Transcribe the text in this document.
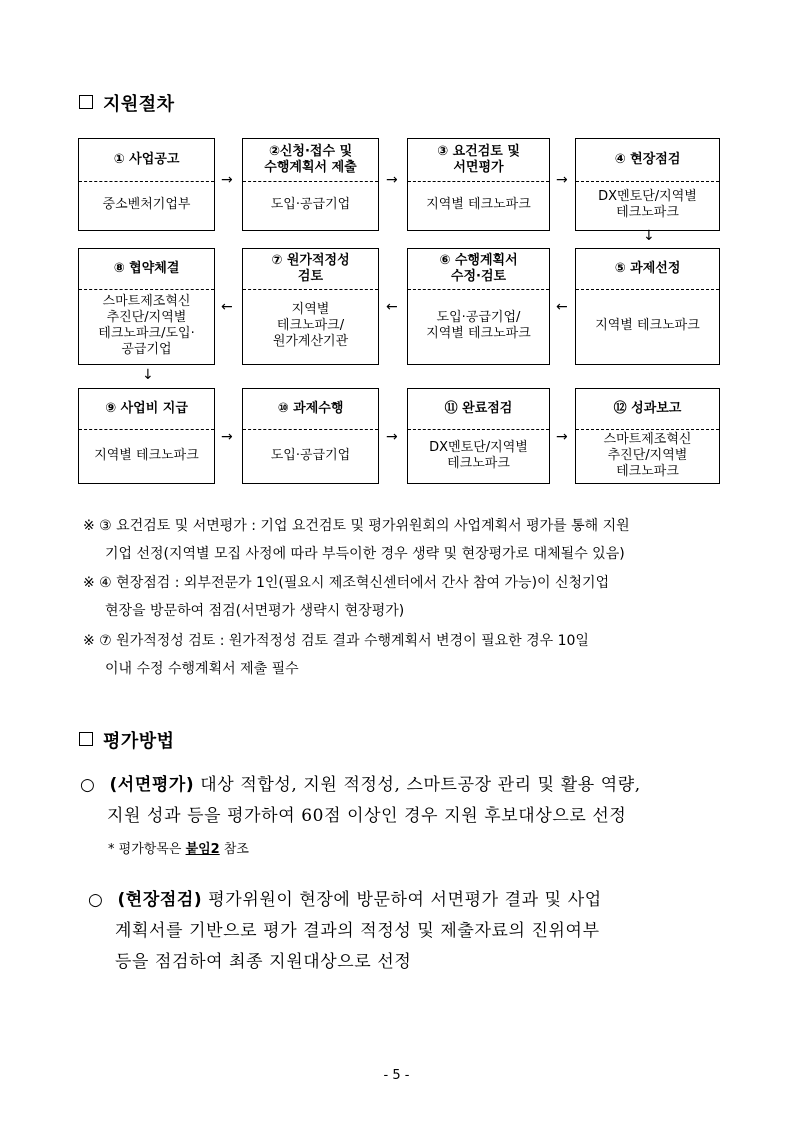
지원절차
① 사업공고
중소벤처기업부
→
②신청·접수 및
수행계획서 제출
도입·공급기업
→
③ 요건검토 및
서면평가
지역별 테크노파크
→
④ 현장점검
DX멘토단/지역별
테크노파크
↓
⑧ 협약체결
스마트제조혁신
추진단/지역별
테크노파크/도입·
공급기업
←
⑦ 원가적정성
검토
지역별
테크노파크/
원가계산기관
←
⑥ 수행계획서
수정·검토
도입·공급기업/
지역별 테크노파크
←
⑤ 과제선정
지역별 테크노파크
↓
⑨ 사업비 지급
지역별 테크노파크
→
⑩ 과제수행
도입·공급기업
→
⑪ 완료점검
DX멘토단/지역별
테크노파크
→
⑫ 성과보고
스마트제조혁신
추진단/지역별
테크노파크
※ ③ 요건검토 및 서면평가 : 기업 요건검토 및 평가위원회의 사업계획서 평가를 통해 지원
기업 선정(지역별 모집 사정에 따라 부득이한 경우 생략 및 현장평가로 대체될수 있음)
※ ④ 현장점검 : 외부전문가 1인(필요시 제조혁신센터에서 간사 참여 가능)이 신청기업
현장을 방문하여 점검(서면평가 생략시 현장평가)
※ ⑦ 원가적정성 검토 : 원가적정성 검토 결과 수행계획서 변경이 필요한 경우 10일
이내 수정 수행계획서 제출 필수
평가방법
○ (서면평가) 대상 적합성, 지원 적정성, 스마트공장 관리 및 활용 역량,
지원 성과 등을 평가하여 60점 이상인 경우 지원 후보대상으로 선정
* 평가항목은 붙임2 참조
○ (현장점검) 평가위원이 현장에 방문하여 서면평가 결과 및 사업
계획서를 기반으로 평가 결과의 적정성 및 제출자료의 진위여부
등을 점검하여 최종 지원대상으로 선정
- 5 -
